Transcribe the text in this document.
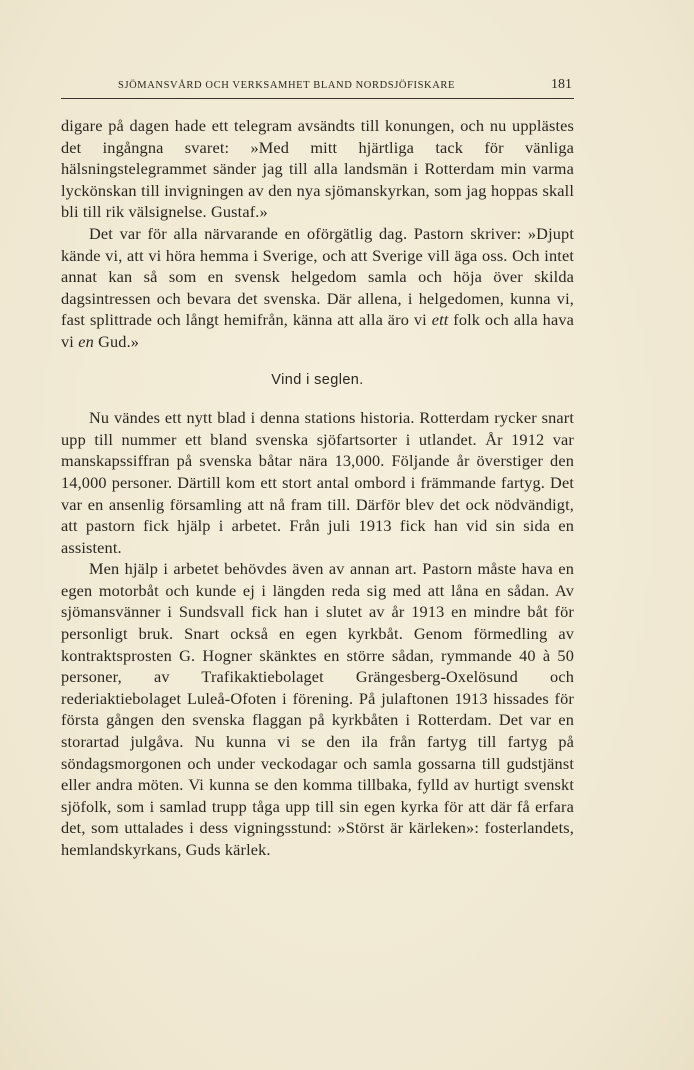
SJÖMANSVÅRD OCH VERKSAMHET BLAND NORDSJÖFISKARE	181

digare på dagen hade ett telegram avsändts till konungen, och nu upplästes det ingångna svaret: »Med mitt hjärtliga tack för vänliga hälsningstelegrammet sänder jag till alla landsmän i Rotterdam min varma lyckönskan till invigningen av den nya sjömanskyrkan, som jag hoppas skall bli till rik välsignelse. Gustaf.»

Det var för alla närvarande en oförgätlig dag. Pastorn skriver: »Djupt kände vi, att vi höra hemma i Sverige, och att Sverige vill äga oss. Och intet annat kan så som en svensk helgedom samla och höja över skilda dagsintressen och bevara det svenska. Där allena, i helgedomen, kunna vi, fast splittrade och långt hemifrån, känna att alla äro vi ett folk och alla hava vi en Gud.»

Vind i seglen.

Nu vändes ett nytt blad i denna stations historia. Rotterdam rycker snart upp till nummer ett bland svenska sjöfartsorter i utlandet. År 1912 var manskapssiffran på svenska båtar nära 13,000. Följande år överstiger den 14,000 personer. Därtill kom ett stort antal ombord i främmande fartyg. Det var en ansenlig församling att nå fram till. Därför blev det ock nödvändigt, att pastorn fick hjälp i arbetet. Från juli 1913 fick han vid sin sida en assistent.

Men hjälp i arbetet behövdes även av annan art. Pastorn måste hava en egen motorbåt och kunde ej i längden reda sig med att låna en sådan. Av sjömansvänner i Sundsvall fick han i slutet av år 1913 en mindre båt för personligt bruk. Snart också en egen kyrkbåt. Genom förmedling av kontraktsprosten G. Hogner skänktes en större sådan, rymmande 40 à 50 personer, av Trafikaktiebolaget Grängesberg-Oxelösund och rederiaktiebolaget Luleå-Ofoten i förening. På julaftonen 1913 hissades för första gången den svenska flaggan på kyrkbåten i Rotterdam. Det var en storartad julgåva. Nu kunna vi se den ila från fartyg till fartyg på söndagsmorgonen och under veckodagar och samla gossarna till gudstjänst eller andra möten. Vi kunna se den komma tillbaka, fylld av hurtigt svenskt sjöfolk, som i samlad trupp tåga upp till sin egen kyrka för att där få erfara det, som uttalades i dess vigningsstund: »Störst är kärleken»: fosterlandets, hemlandskyrkans, Guds kärlek.
